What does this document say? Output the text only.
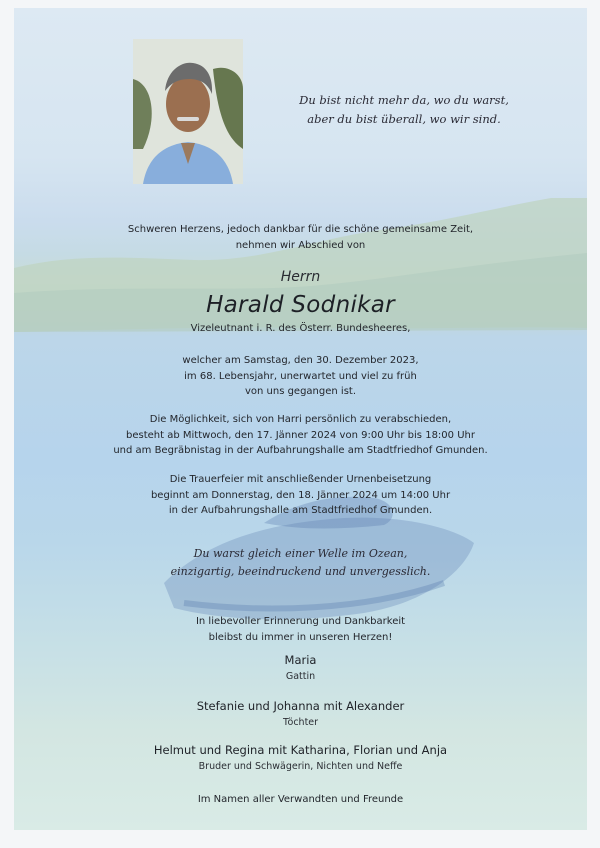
Du bist nicht mehr da, wo du warst,
aber du bist überall, wo wir sind.
Schweren Herzens, jedoch dankbar für die schöne gemeinsame Zeit,
nehmen wir Abschied von
Herrn
Harald Sodnikar
Vizeleutnant i. R. des Österr. Bundesheeres,
welcher am Samstag, den 30. Dezember 2023,
im 68. Lebensjahr, unerwartet und viel zu früh
von uns gegangen ist.
Die Möglichkeit, sich von Harri persönlich zu verabschieden,
besteht ab Mittwoch, den 17. Jänner 2024 von 9:00 Uhr bis 18:00 Uhr
und am Begräbnistag in der Aufbahrungshalle am Stadtfriedhof Gmunden.
Die Trauerfeier mit anschließender Urnenbeisetzung
beginnt am Donnerstag, den 18. Jänner 2024 um 14:00 Uhr
in der Aufbahrungshalle am Stadtfriedhof Gmunden.
Du warst gleich einer Welle im Ozean,
einzigartig, beeindruckend und unvergesslich.
In liebevoller Erinnerung und Dankbarkeit
bleibst du immer in unseren Herzen!
Maria
Gattin
Stefanie und Johanna mit Alexander
Töchter
Helmut und Regina mit Katharina, Florian und Anja
Bruder und Schwägerin, Nichten und Neffe
Im Namen aller Verwandten und Freunde
